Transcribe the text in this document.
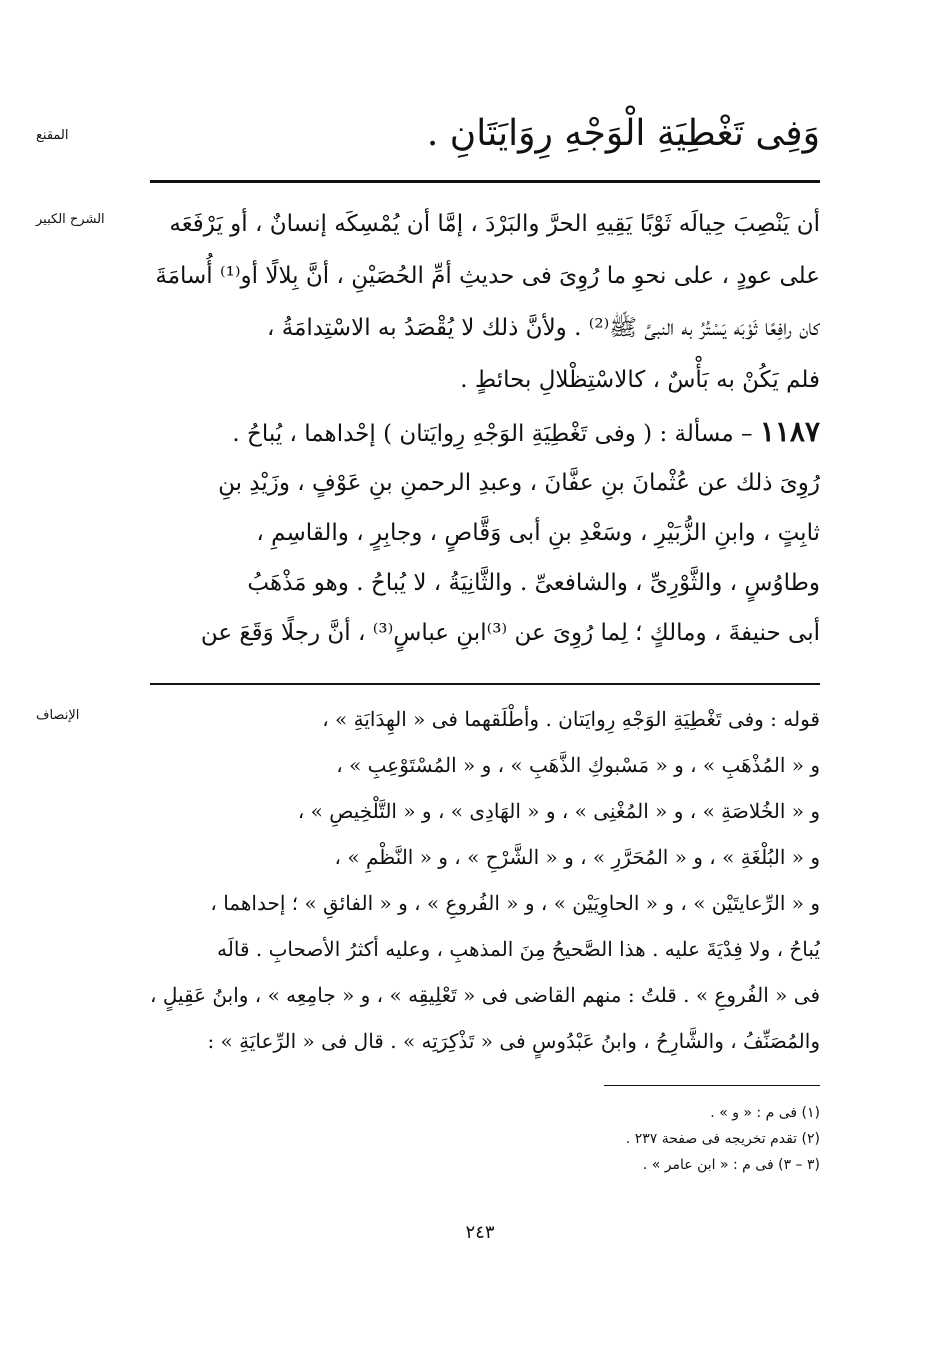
المقنع	وَفِى تَغْطِيَةِ الْوَجْهِ رِوَايَتَانِ .
الشرح الكبير	أن يَنْصِبَ حِيالَه ثَوْبًا يَقِيهِ الحرَّ والبَرْدَ ، إمَّا أن يُمْسِكَه إنسانٌ ، أو يَرْفَعَه
على عودٍ ، على نحوِ ما رُوِىَ فى حديثِ أمِّ الحُصَيْنِ ، أنَّ بِلالًا أو⁽¹⁾ أُسامَةَ
كان رافِعًا ثَوْبَه يَسْتُرُ به النبىَّ ﷺ⁽²⁾ . ولأنَّ ذلك لا يُقْصَدُ به الاسْتِدامَةُ ،
فلم يَكُنْ به بَأْسٌ ، كالاسْتِظْلالِ بحائطٍ .
١١٨٧ – مسألة : ( وفى تَغْطِيَةِ الوَجْهِ رِوايَتان ) إحْداهما ، يُباحُ .
رُوِىَ ذلك عن عُثْمانَ بنِ عفَّانَ ، وعبدِ الرحمنِ بنِ عَوْفٍ ، وزَيْدِ بنِ
ثابِتٍ ، وابنِ الزُّبَيْرِ ، وسَعْدِ بنِ أبى وَقَّاصٍ ، وجابِرٍ ، والقاسِمِ ،
وطاوُسٍ ، والثَّوْرِىِّ ، والشافعىِّ . والثَّانِيَةُ ، لا يُباحُ . وهو مَذْهَبُ
أبى حنيفةَ ، ومالكٍ ؛ لِما رُوِىَ عن ⁽³⁾ابنِ عباسٍ⁽³⁾ ، أنَّ رجلًا وَقَعَ عن
الإنصاف	قوله : وفى تَغْطِيَةِ الوَجْهِ رِوايَتان . وأطْلَقهما فى « الهِدَايَةِ » ،
و « المُذْهَبِ » ، و « مَسْبوكِ الذَّهَبِ » ، و « المُسْتَوْعِبِ » ،
و « الخُلاصَةِ » ، و « المُغْنِى » ، و « الهَادِى » ، و « التَّلْخِيصِ » ،
و « البُلْغَةِ » ، و « المُحَرَّرِ » ، و « الشَّرْحِ » ، و « النَّظْمِ » ،
و « الرِّعايتَيْن » ، و « الحاوِيَيْن » ، و « الفُروعِ » ، و « الفائقِ » ؛ إحداهما ،
يُباحُ ، ولا فِدْيَةَ عليه . هذا الصَّحيحُ مِنَ المذهبِ ، وعليه أكثرُ الأصحابِ . قالَه
فى « الفُروعِ » . قلتُ : منهم القاضى فى « تَعْلِيقِه » ، و « جامِعِه » ، وابنُ عَقِيلٍ ،
والمُصَنِّفُ ، والشَّارِحُ ، وابنُ عَبْدُوسٍ فى « تَذْكِرَتِه » . قال فى « الرِّعايَةِ » :
(١) فى م : « و » .
(٢) تقدم تخريجه فى صفحة ٢٣٧ .
(٣ – ٣) فى م : « ابن عامر » .
٢٤٣
